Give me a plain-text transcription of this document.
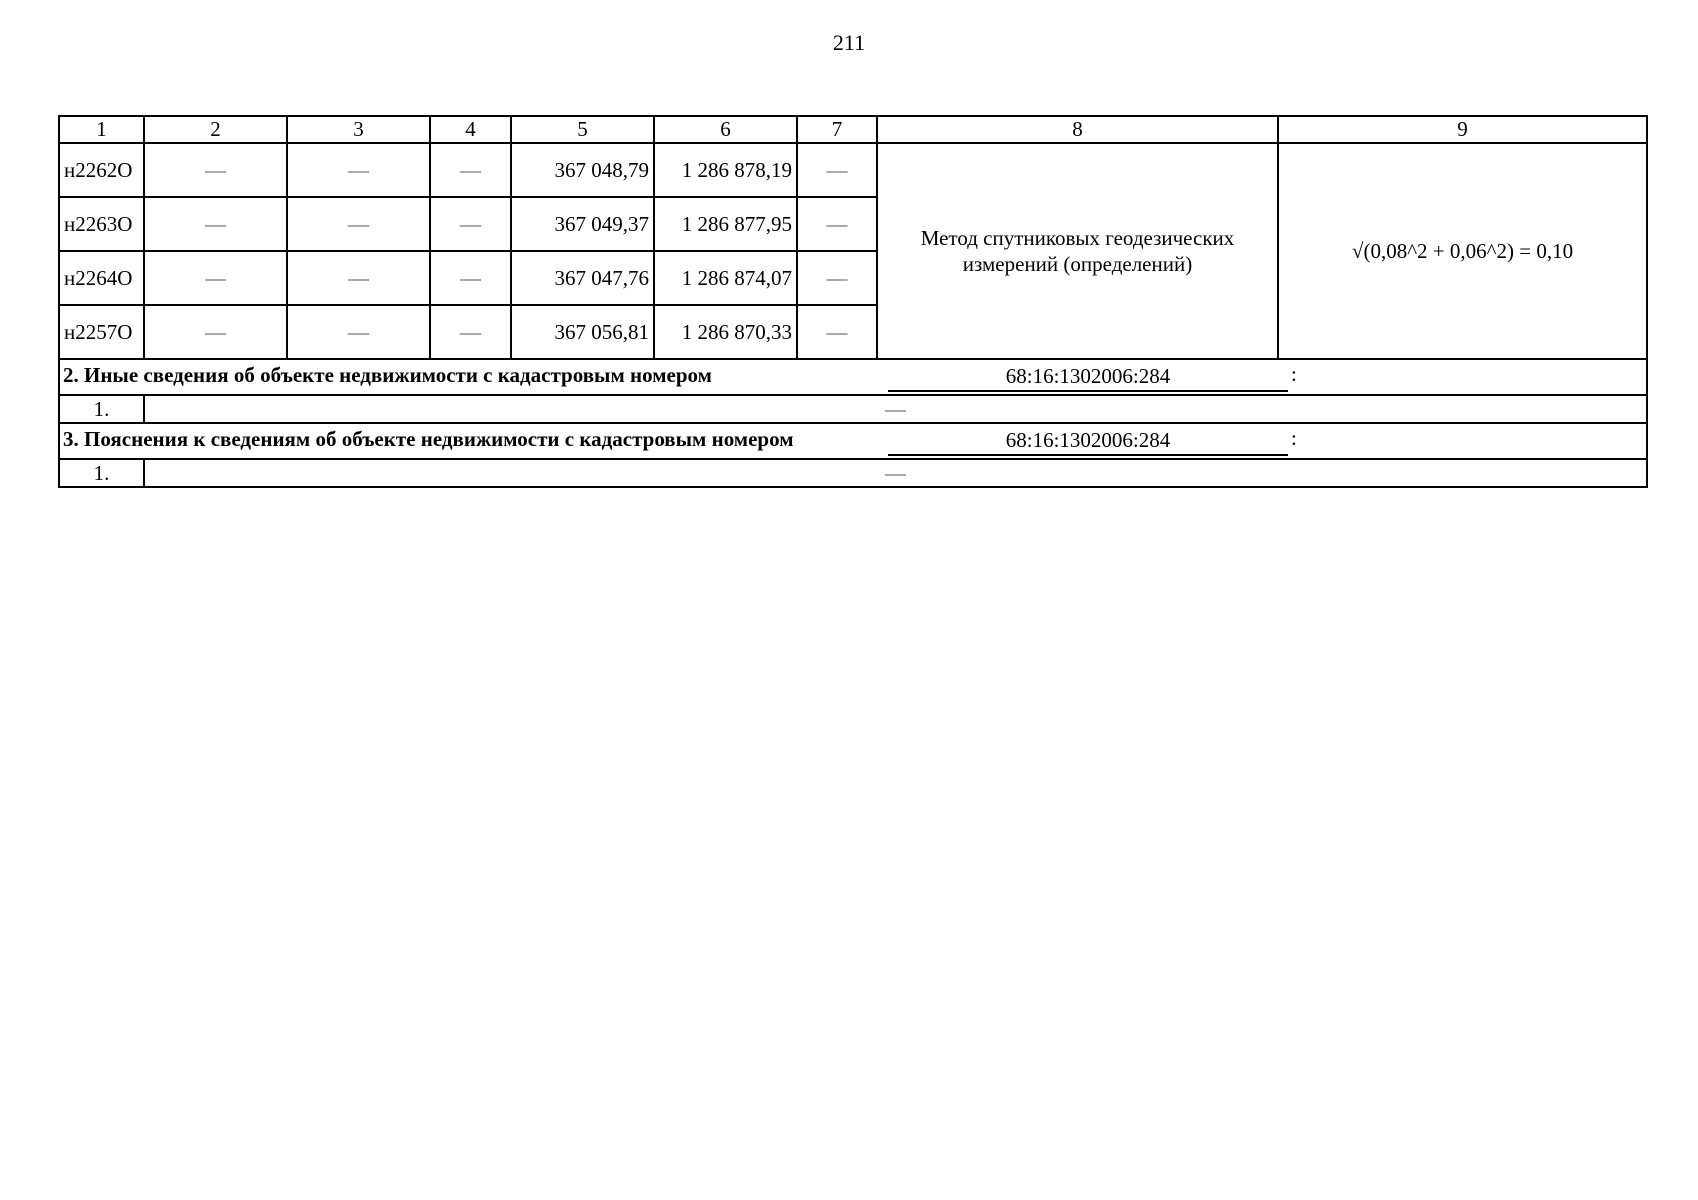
211
1	2	3	4	5	6	7	8	9
н2262О	—	—	—	367 048,79	1 286 878,19	—	Метод спутниковых геодезических измерений (определений)	√(0,08^2 + 0,06^2) = 0,10
н2263О	—	—	—	367 049,37	1 286 877,95	—		
н2264О	—	—	—	367 047,76	1 286 874,07	—		
н2257О	—	—	—	367 056,81	1 286 870,33	—		

2. Иные сведения об объекте недвижимости с кадастровым номером 68:16:1302006:284 :								

1.	—							

3. Пояснения к сведениям об объекте недвижимости с кадастровым номером 68:16:1302006:284 :								

1.	—							
